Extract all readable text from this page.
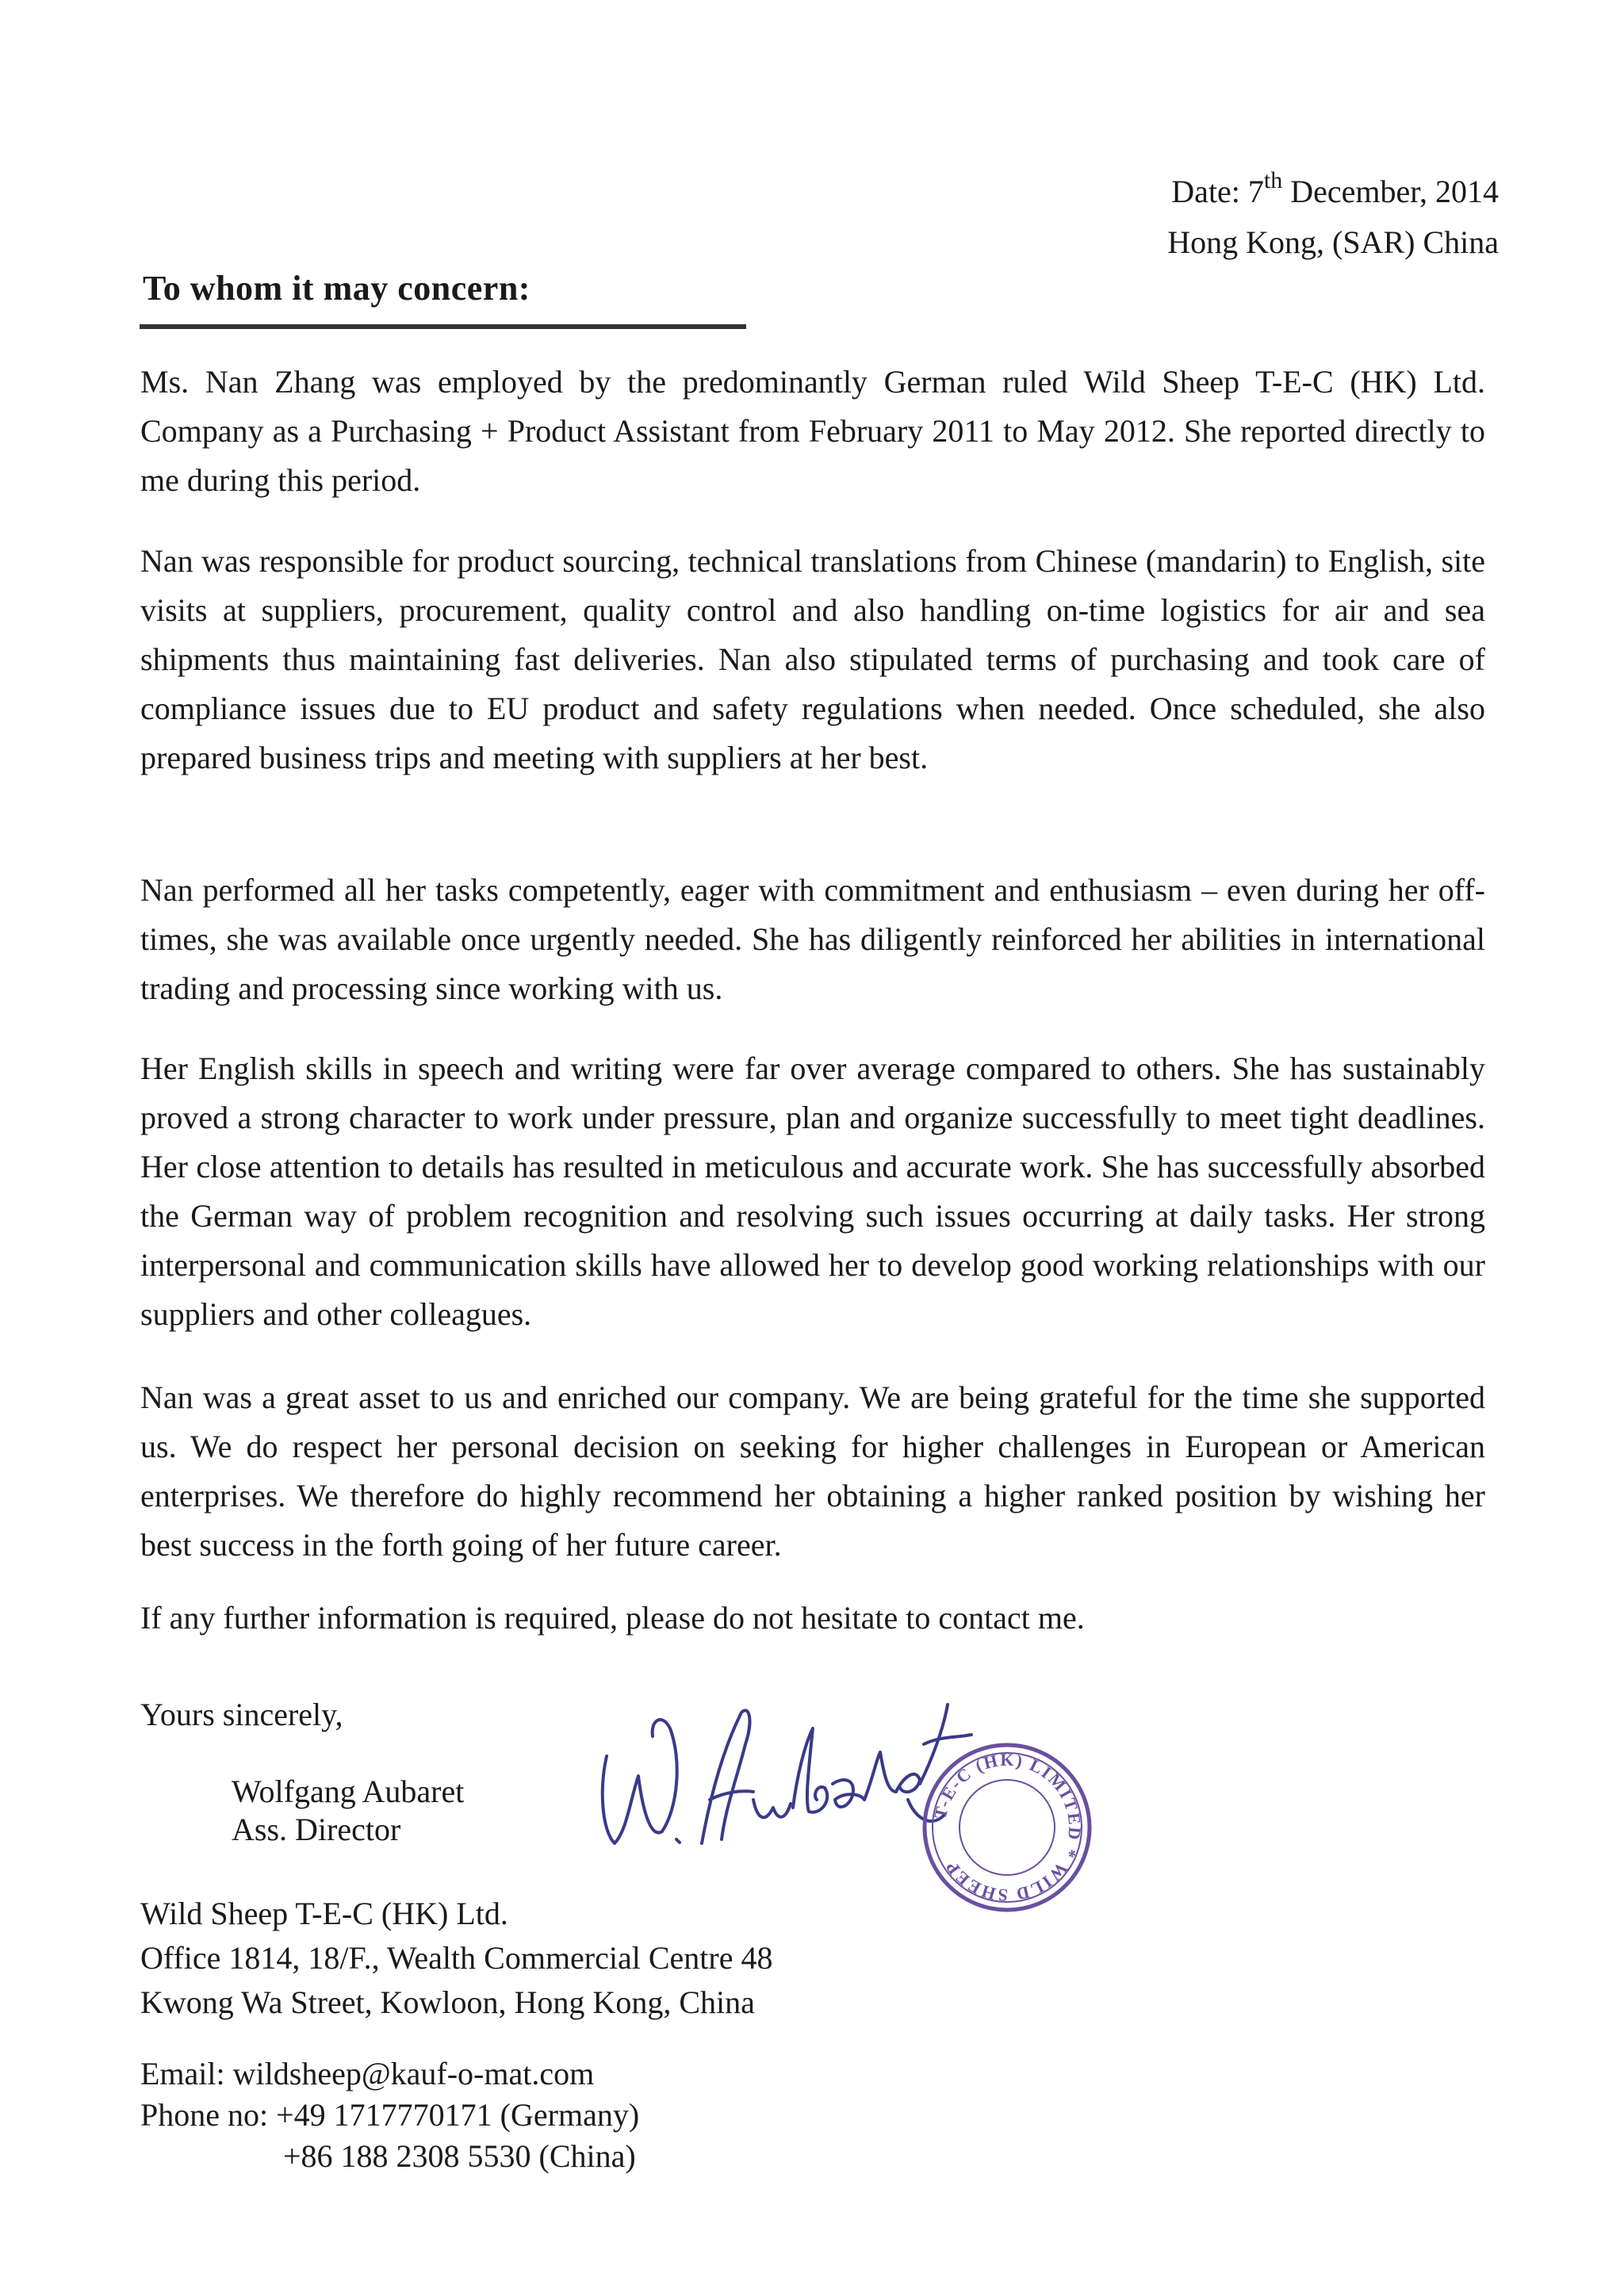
Date: 7th December, 2014
Hong Kong, (SAR) China
To whom it may concern:

Ms. Nan Zhang was employed by the predominantly German ruled Wild Sheep T-E-C (HK) Ltd. Company as a Purchasing + Product Assistant from February 2011 to May 2012. She reported directly to me during this period.

Nan was responsible for product sourcing, technical translations from Chinese (mandarin) to English, site visits at suppliers, procurement, quality control and also handling on-time logistics for air and sea shipments thus maintaining fast deliveries. Nan also stipulated terms of purchasing and took care of compliance issues due to EU product and safety regulations when needed. Once scheduled, she also prepared business trips and meeting with suppliers at her best.

Nan performed all her tasks competently, eager with commitment and enthusiasm – even during her off-times, she was available once urgently needed. She has diligently reinforced her abilities in international trading and processing since working with us.

Her English skills in speech and writing were far over average compared to others. She has sustainably proved a strong character to work under pressure, plan and organize successfully to meet tight deadlines. Her close attention to details has resulted in meticulous and accurate work. She has successfully absorbed the German way of problem recognition and resolving such issues occurring at daily tasks. Her strong interpersonal and communication skills have allowed her to develop good working relationships with our suppliers and other colleagues.

Nan was a great asset to us and enriched our company. We are being grateful for the time she supported us. We do respect her personal decision on seeking for higher challenges in European or American enterprises. We therefore do highly recommend her obtaining a higher ranked position by wishing her best success in the forth going of her future career.

If any further information is required, please do not hesitate to contact me.
Yours sincerely,
Wolfgang Aubaret
Ass. Director	T-E-C (HK) LIMITED * WILD SHEEP
Wild Sheep T-E-C (HK) Ltd.
Office 1814, 18/F., Wealth Commercial Centre 48
Kwong Wa Street, Kowloon, Hong Kong, China
Email: wildsheep@kauf-o-mat.com
Phone no: +49 1717770171 (Germany)
+86 188 2308 5530 (China)
